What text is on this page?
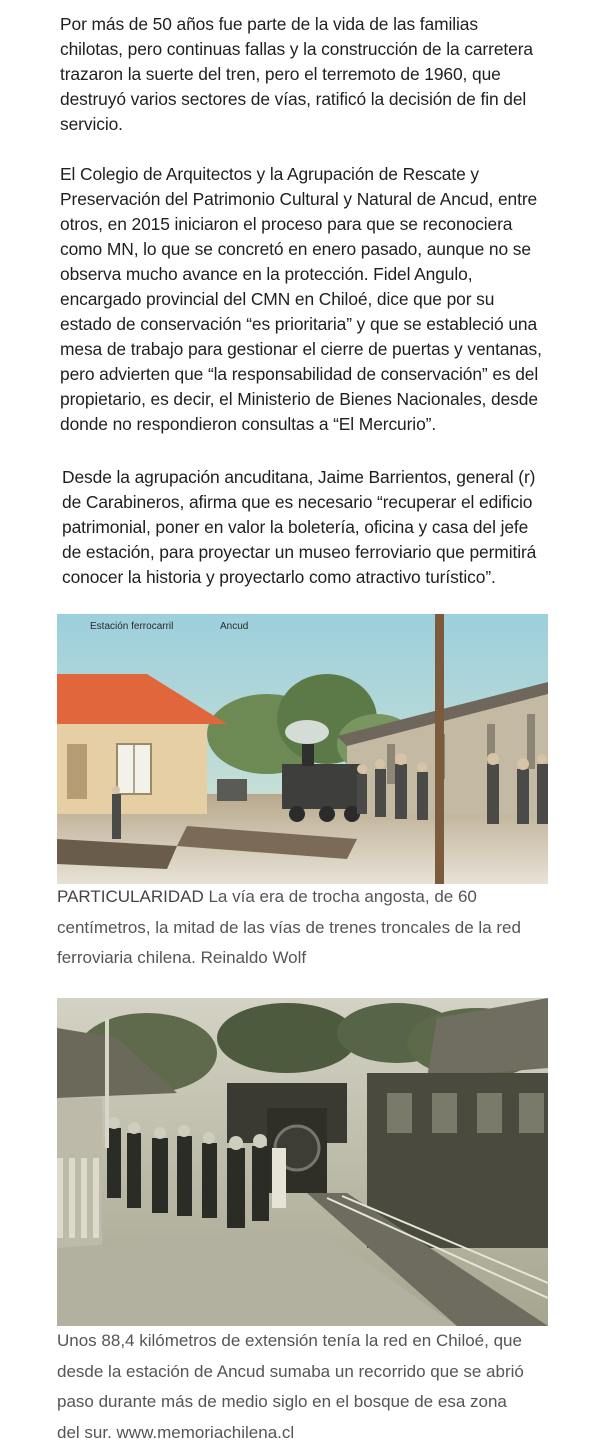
Por más de 50 años fue parte de la vida de las familias
chilotas, pero continuas fallas y la construcción de la carretera
trazaron la suerte del tren, pero el terremoto de 1960, que
destruyó varios sectores de vías, ratificó la decisión de fin del
servicio.

El Colegio de Arquitectos y la Agrupación de Rescate y
Preservación del Patrimonio Cultural y Natural de Ancud, entre
otros, en 2015 iniciaron el proceso para que se reconociera
como MN, lo que se concretó en enero pasado, aunque no se
observa mucho avance en la protección. Fidel Angulo,
encargado provincial del CMN en Chiloé, dice que por su
estado de conservación “es prioritaria” y que se estableció una
mesa de trabajo para gestionar el cierre de puertas y ventanas,
pero advierten que “la responsabilidad de conservación” es del
propietario, es decir, el Ministerio de Bienes Nacionales, desde
donde no respondieron consultas a “El Mercurio”.

Desde la agrupación ancuditana, Jaime Barrientos, general (r)
de Carabineros, afirma que es necesario “recuperar el edificio
patrimonial, poner en valor la boletería, oficina y casa del jefe
de estación, para proyectar un museo ferroviario que permitirá
conocer la historia y proyectarlo como atractivo turístico”.

Estación ferrocarril	Ancud

PARTICULARIDAD La vía era de trocha angosta, de 60
centímetros, la mitad de las vías de trenes troncales de la red
ferroviaria chilena. Reinaldo Wolf

Unos 88,4 kilómetros de extensión tenía la red en Chiloé, que
desde la estación de Ancud sumaba un recorrido que se abrió
paso durante más de medio siglo en el bosque de esa zona
del sur. www.memoriachilena.cl
